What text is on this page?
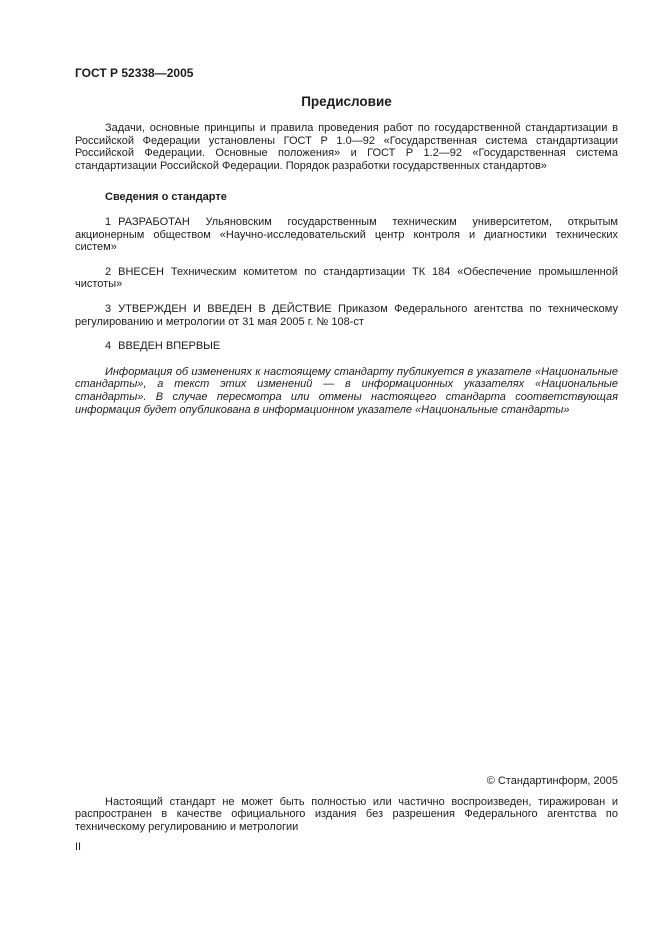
ГОСТ Р 52338—2005
Предисловие

Задачи, основные принципы и правила проведения работ по государственной стандартизации в Российской Федерации установлены ГОСТ Р 1.0—92 «Государственная система стандартизации Российской Федерации. Основные положения» и ГОСТ Р 1.2—92 «Государственная система стандартизации Российской Федерации. Порядок разработки государственных стандартов»

Сведения о стандарте

1 РАЗРАБОТАН Ульяновским государственным техническим университетом, открытым акционерным обществом «Научно-исследовательский центр контроля и диагностики технических систем»

2 ВНЕСЕН Техническим комитетом по стандартизации ТК 184 «Обеспечение промышленной чистоты»

3 УТВЕРЖДЕН И ВВЕДЕН В ДЕЙСТВИЕ Приказом Федерального агентства по техническому регулированию и метрологии от 31 мая 2005 г. № 108-ст

4 ВВЕДЕН ВПЕРВЫЕ

Информация об изменениях к настоящему стандарту публикуется в указателе «Национальные стандарты», а текст этих изменений — в информационных указателях «Национальные стандарты». В случае пересмотра или отмены настоящего стандарта соответствующая информация будет опубликована в информационном указателе «Национальные стандарты»

© Стандартинформ, 2005

Настоящий стандарт не может быть полностью или частично воспроизведен, тиражирован и распространен в качестве официального издания без разрешения Федерального агентства по техническому регулированию и метрологии

II
